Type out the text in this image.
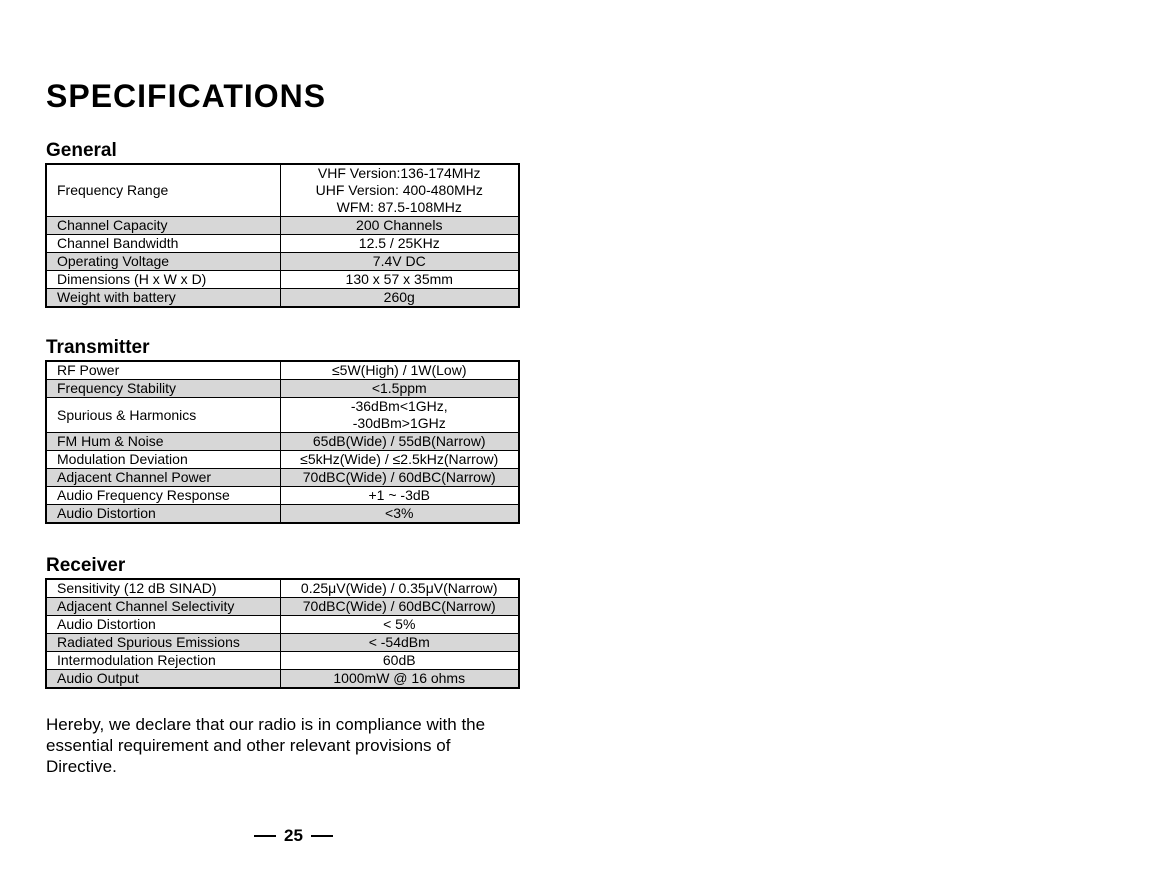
SPECIFICATIONS
General
Frequency Range	VHF Version:136-174MHz
UHF Version: 400-480MHz
WFM: 87.5-108MHz

Channel Capacity	200 Channels

Channel Bandwidth	12.5 / 25KHz

Operating Voltage	7.4V DC

Dimensions (H x W x D)	130 x 57 x 35mm

Weight with battery	260g
Transmitter
RF Power	≤5W(High) / 1W(Low)

Frequency Stability	<1.5ppm

Spurious & Harmonics	-36dBm<1GHz,
-30dBm>1GHz

FM Hum & Noise	65dB(Wide) / 55dB(Narrow)

Modulation Deviation	≤5kHz(Wide) / ≤2.5kHz(Narrow)

Adjacent Channel Power	70dBC(Wide) / 60dBC(Narrow)

Audio Frequency Response	+1 ~ -3dB

Audio Distortion	<3%
Receiver
Sensitivity (12 dB SINAD)	0.25μV(Wide) / 0.35μV(Narrow)

Adjacent Channel Selectivity	70dBC(Wide) / 60dBC(Narrow)

Audio Distortion	< 5%

Radiated Spurious Emissions	< -54dBm

Intermodulation Rejection	60dB

Audio Output	1000mW @ 16 ohms

Hereby, we declare that our radio is in compliance with the essential requirement and other relevant provisions of Directive.

25
